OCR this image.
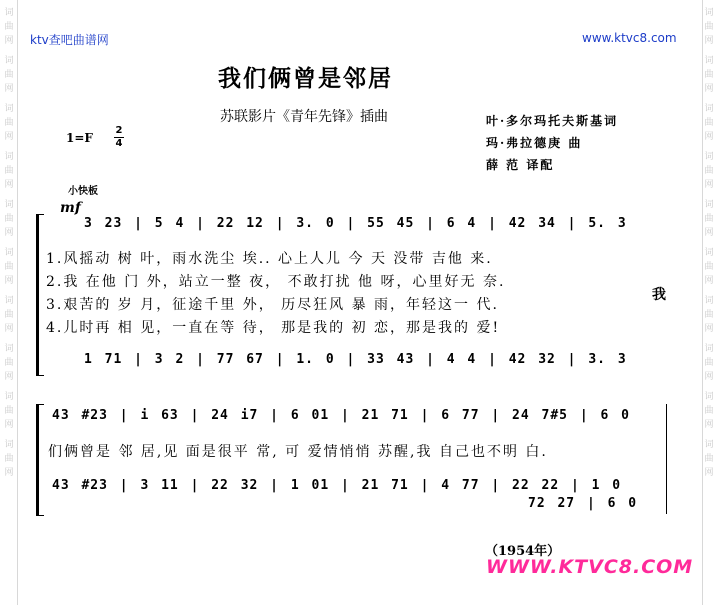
词曲网
词曲网
词曲网
词曲网
词曲网
词曲网
词曲网
词曲网
词曲网
词曲网
词曲网
词曲网
词曲网
词曲网
词曲网
词曲网
词曲网
词曲网
词曲网
词曲网
ktv查吧曲谱网	www.ktvc8.com
我们俩曾是邻居
苏联影片《青年先锋》插曲	叶·多尔玛托夫斯基词
玛·弗拉德庚 曲
薛 范 译配
1=F
2
4
小快板
mf
3 23 | 5 4 | 22 12 | 3. 0 | 55 45 | 6 4 | 42 34 | 5. 3
1.风摇动 树 叶，雨水洗尘 埃.. 心上人儿 今 天 没带 吉他 来.
2.我 在他 门 外，站立一整 夜， 不敢打扰 他 呀，心里好无 奈.
3.艰苦的 岁 月，征途千里 外， 历尽狂风 暴 雨，年轻这一 代.
4.儿时再 相 见，一直在等 待， 那是我的 初 恋，那是我的 爱!
我
1 71 | 3 2 | 77 67 | 1. 0 | 33 43 | 4 4 | 42 32 | 3. 3
43 #23 | i 63 | 24 i7 | 6 01 | 21 71 | 6 77 | 24 7#5 | 6 0
们俩曾是 邻 居,见 面是很平 常, 可 爱情悄悄 苏醒,我 自己也不明 白.
43 #23 | 3 11 | 22 32 | 1 01 | 21 71 | 4 77 | 22 22 | 1 0
72 27 | 6 0
（1954年）
WWW.KTVC8.COM
